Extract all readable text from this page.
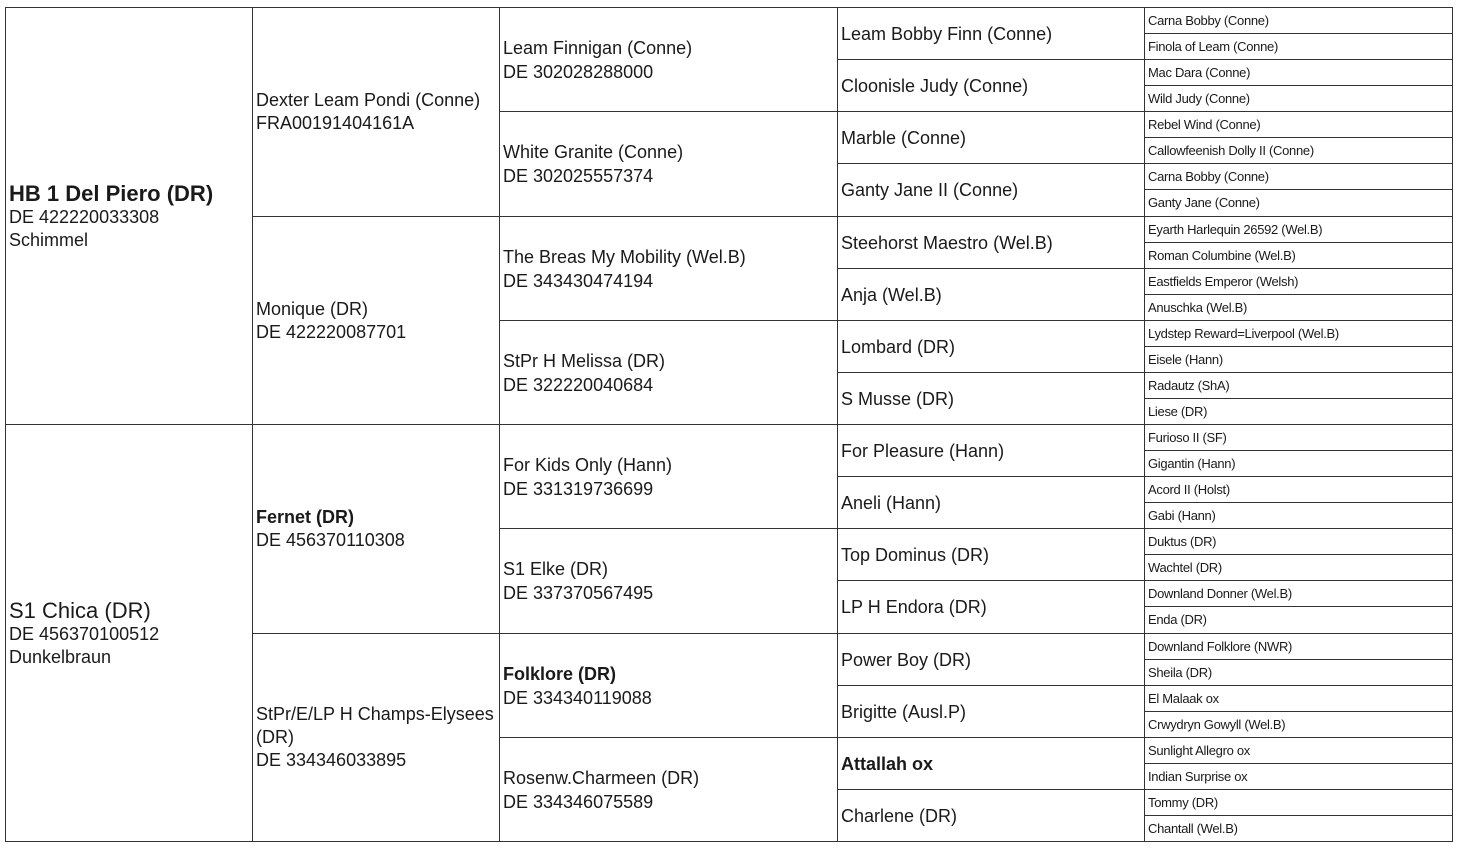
HB 1 Del Piero (DR)
DE 422220033308
Schimmel
S1 Chica (DR)
DE 456370100512
Dunkelbraun
Dexter Leam Pondi (Conne)
FRA00191404161A
Monique (DR)
DE 422220087701
Fernet (DR)
DE 456370110308
StPr/E/LP H Champs-Elysees (DR)
DE 334346033895
Leam Finnigan (Conne)
DE 302028288000
White Granite (Conne)
DE 302025557374
The Breas My Mobility (Wel.B)
DE 343430474194
StPr H Melissa (DR)
DE 322220040684
For Kids Only (Hann)
DE 331319736699
S1 Elke (DR)
DE 337370567495
Folklore (DR)
DE 334340119088
Rosenw.Charmeen (DR)
DE 334346075589
Leam Bobby Finn (Conne)
Cloonisle Judy (Conne)
Marble (Conne)
Ganty Jane II (Conne)
Steehorst Maestro (Wel.B)
Anja (Wel.B)
Lombard (DR)
S Musse (DR)
For Pleasure (Hann)
Aneli (Hann)
Top Dominus (DR)
LP H Endora (DR)
Power Boy (DR)
Brigitte (Ausl.P)
Attallah ox
Charlene (DR)
Carna Bobby (Conne)
Finola of Leam (Conne)
Mac Dara (Conne)
Wild Judy (Conne)
Rebel Wind (Conne)
Callowfeenish Dolly II (Conne)
Carna Bobby (Conne)
Ganty Jane (Conne)
Eyarth Harlequin 26592 (Wel.B)
Roman Columbine (Wel.B)
Eastfields Emperor (Welsh)
Anuschka (Wel.B)
Lydstep Reward=Liverpool (Wel.B)
Eisele (Hann)
Radautz (ShA)
Liese (DR)
Furioso II (SF)
Gigantin (Hann)
Acord II (Holst)
Gabi (Hann)
Duktus (DR)
Wachtel (DR)
Downland Donner (Wel.B)
Enda (DR)
Downland Folklore (NWR)
Sheila (DR)
El Malaak ox
Crwydryn Gowyll (Wel.B)
Sunlight Allegro ox
Indian Surprise ox
Tommy (DR)
Chantall (Wel.B)
